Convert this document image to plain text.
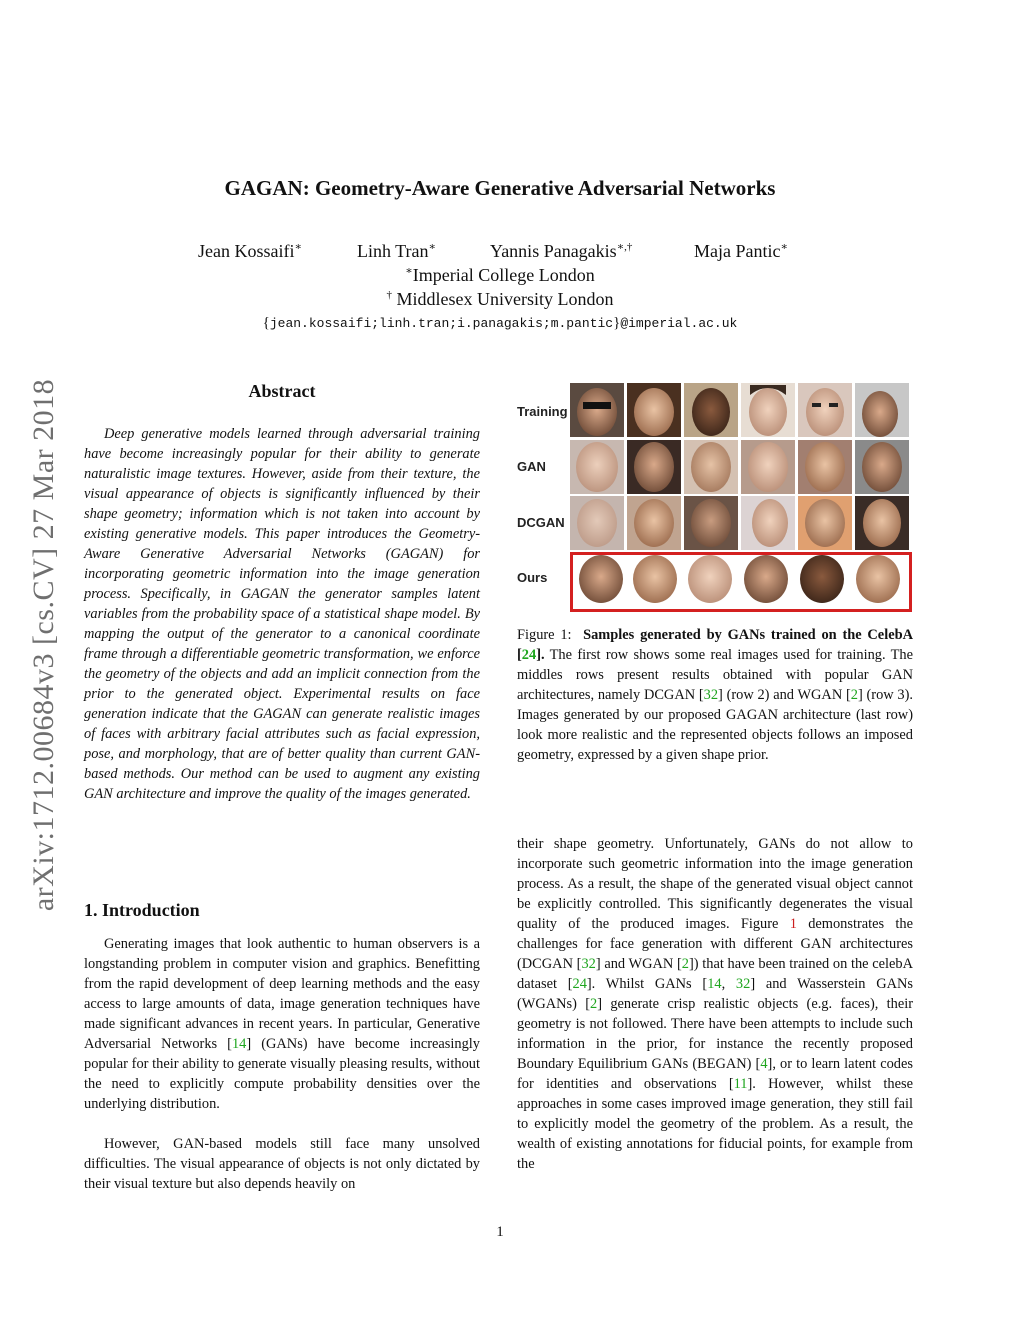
arXiv:1712.00684v3 [cs.CV] 27 Mar 2018
GAGAN: Geometry-Aware Generative Adversarial Networks
Jean Kossaifi∗	Linh Tran∗	Yannis Panagakis∗,†	Maja Pantic∗
∗Imperial College London
† Middlesex University London
{jean.kossaifi;linh.tran;i.panagakis;m.pantic}@imperial.ac.uk
Abstract

Deep generative models learned through adversarial training have become increasingly popular for their ability to generate naturalistic image textures. However, aside from their texture, the visual appearance of objects is significantly influenced by their shape geometry; information which is not taken into account by existing generative models. This paper introduces the Geometry-Aware Generative Adversarial Networks (GAGAN) for incorporating geometric information into the image generation process. Specifically, in GAGAN the generator samples latent variables from the probability space of a statistical shape model. By mapping the output of the generator to a canonical coordinate frame through a differentiable geometric transformation, we enforce the geometry of the objects and add an implicit connection from the prior to the generated object. Experimental results on face generation indicate that the GAGAN can generate realistic images of faces with arbitrary facial attributes such as facial expression, pose, and morphology, that are of better quality than current GAN-based methods. Our method can be used to augment any existing GAN architecture and improve the quality of the images generated.

Training
GAN
DCGAN
Ours

Figure 1: Samples generated by GANs trained on the CelebA [24]. The first row shows some real images used for training. The middles rows present results obtained with popular GAN architectures, namely DCGAN [32] (row 2) and WGAN [2] (row 3). Images generated by our proposed GAGAN architecture (last row) look more realistic and the represented objects follows an imposed geometry, expressed by a given shape prior.

1. Introduction

Generating images that look authentic to human observers is a longstanding problem in computer vision and graphics. Benefitting from the rapid development of deep learning methods and the easy access to large amounts of data, image generation techniques have made significant advances in recent years. In particular, Generative Adversarial Networks [14] (GANs) have become increasingly popular for their ability to generate visually pleasing results, without the need to explicitly compute probability densities over the underlying distribution.

However, GAN-based models still face many unsolved difficulties. The visual appearance of objects is not only dictated by their visual texture but also depends heavily on

their shape geometry. Unfortunately, GANs do not allow to incorporate such geometric information into the image generation process. As a result, the shape of the generated visual object cannot be explicitly controlled. This significantly degenerates the visual quality of the produced images. Figure 1 demonstrates the challenges for face generation with different GAN architectures (DCGAN [32] and WGAN [2]) that have been trained on the celebA dataset [24]. Whilst GANs [14, 32] and Wasserstein GANs (WGANs) [2] generate crisp realistic objects (e.g. faces), their geometry is not followed. There have been attempts to include such information in the prior, for instance the recently proposed Boundary Equilibrium GANs (BEGAN) [4], or to learn latent codes for identities and observations [11]. However, whilst these approaches in some cases improved image generation, they still fail to explicitly model the geometry of the problem. As a result, the wealth of existing annotations for fiducial points, for example from the

1
